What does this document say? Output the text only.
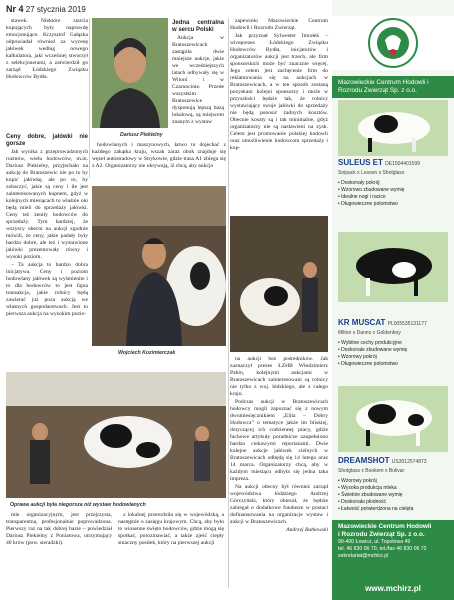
Nr 4 27 stycznia 2019

stawek. Niektóre starcia kupujących były naprawdę emocjonujące. Krzysztof Gałązka odpowiadał również za wycenę jałówek według nowego kalkulatora, jaki wcześniej stworzył z selekcjonerami, a zatwierdził go zarząd Łódzkiego Związku Hodowców Bydła.

Dariusz Piekielny
Ceny dobre, jałówki nie gorsze

Jak wynika z przeprowadzonych rozmów, wielu hodowców, m.in. Dariusz Piekielny, przyjechało na aukcję do Bratoszewic nie po to by kupić jałówkę, ale po to, by zobaczyć, jakie są ceny i ile jest zainteresowanych kupnem, gdyż w kolejnych miesiącach to właśnie oni będą mieli do sprzedaży jałówki. Ceny też żeniły hodowców do sprzedaży. Tym bardziej, że wszyscy obecni na aukcji zgodnie mówili, że ceny, jakie padały były bardzo dobre, ale też i wystawione jałówki prezentowały równy i wysoki poziom.

– Ta aukcja to bardzo dobra inicjatywa. Ceny i poziom hodowlany jałówek są wyśmienite i to dla hodowców to jest fajna transakcja, jakie rolnicy będą zawierać już poza aukcją we własnych gospodarstwach. Jest to pierwsza aukcja na wysokim pozio-

Jedna centralna w sercu Polski

Aukcja w Bratoszewicach zastąpiła dwie mniejsze aukcje, jakie we wcześniejszych latach odbywały się w Witoni i w Czarnocinie. Przede wszystkim Bratoszewice dysponują lepszą bazą lokalową, są miejscem znanym z wystaw

hodowlanych i maszynowych, łatwo tu dojechać z każdego zakątka kraju, wszak zaraz obok znajduje się węzeł autostradowy w Strykowie, gdzie trasa A1 zbiega się z A2. Organizatorzy nie ukrywają, iż chcą, aby aukcja

Wojciech Kozimierczak
Oprawa aukcji była niegorsza niż wystaw hodowlanych

mie organizacyjnym, jest przejrzysta, transparentna, profesjonalnie poprowadzona. Pierwszy raz na tak dobrej bazie – powiedział Dariusz Piekielny z Poniatowa, utrzymujący 40 krów (pow. sieradzki).

z lokalnej przerodziła się w wojewódzką, a następnie o zasięgu krajowym. Chcą, aby było to wiosenne święto hodowców, gdzie mogą się spotkać, porozmawiać, a także zjeść ciepły smaczny posiłek, który na pierwszej aukcji

zapewniło Mazowieckie Centrum Hodowli i Rozrodu Zwierząt.

Jak przyznał Sylwester Imiołek – wiceprezes Łódzkiego Związku Hodowców Bydła, inicjatorów i organizatorów aukcji jest trzech, ale firm sponsorskich może być znacznie więcej. Jego celem jest zachęcenie firm do reklamowania się na aukcjach w Bratoszewicach, a w ten sposób zostaną pozyskani kolejni sponsorzy i może w przyszłości będzie tak, że rolnicy wystawiający swoje jałówki do sprzedaży nie będą ponosić żadnych kosztów. Obecnie koszty są i tak minimalne, gdyż organizatorzy nie są nastawieni na zysk. Celem jest promowanie polskiej hodowli oraz umożliwienie hodowcom sprzedaży i kup-

na aukcji bez pośredników. Jak zaznaczył prezes ŁZHB Włodzimierz Pabin, kolejnymi aukcjami w Bratoszewicach zainteresowani są rolnicy nie tylko z woj. łódzkiego, ale z całego kraju.

Podczas aukcji w Bratoszewicach hodowcy mogli zapoznać się z nowym dwumiesięcznikiem „Elita – Dobry Hodowca” o tematyce jakże im bliskiej, dotyczącej ich codziennej pracy, gdzie fachowe artykuły poradnicze uzupełniono bardzo ciekawymi reportażami. Dwie kolejne aukcje jałówek cielnych w Bratoszewicach odbędą się 14 lutego oraz 14 marca. Organizatorzy chcą, aby w każdym miesiącu odbyła się jedna taka impreza.

Na aukcji obecny był również zarząd województwa łódzkiego Andrzej Górczyński, który obiecał, że będzie zabiegał o dodatkowe fundusze w postaci dofinansowania na organizacje wystaw i aukcji w Bratoszewicach.

Andrzej Rutkowski

Mazowieckie Centrum Hodowli i Rozrodu Zwierząt Sp. z o.o.
SULEUS ET DE1504401599
Snipack x Lesson x Shotglass
• Doskonały pokrój
• Wzorowo zbudowane wymię
• Idealne nogi i racice
• Długowieczne potomstwo
KR MUSCAT PL005535131177
Milton x Danno x Goldenboy
• Wybitne cechy produkcyjne
• Doskonale zbudowane wymię
• Wzorowy pokrój
• Długowieczne potomstwo
DREAMSHOT US3012574873
Shotglass x Bookem x Bolivar
• Wzorowy pokrój
• Wysoka produkcja mleka
• Świetnie zbudowane wymię
• Doskonała płodność
• Łatwość potwierdzona na cielęta
Mazowieckie Centrum Hodowli
i Rozrodu Zwierząt Sp. z o.o.
99-400 Łowicz, ul. Topolowa 49
tel. 46 830 06 70, tel./fax 46 830 06 72
sekretariat@mchirz.pl
www.mchirz.pl
